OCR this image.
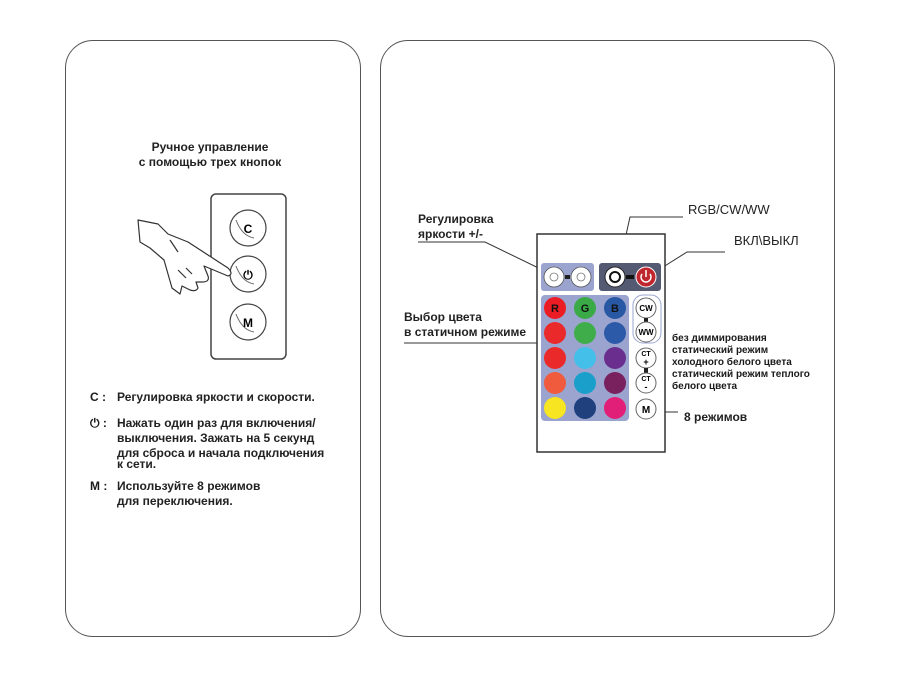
Ручное управление
с помощью трех кнопок
C
⏻
M
C : Регулировка яркости и скорости.
⏻ : Нажать один раз для включения/
выключения. Зажать на 5 секунд
для сброса и начала подключения
к сети.
M : Используйте 8 режимов
для переключения.
R G B	CW
WW
CT
+
CT
-
M
Регулировка
яркости +/-
RGB/CW/WW
ВКЛ\ВЫКЛ
Выбор цвета
в статичном режиме	без диммирования
статический режим
холодного белого цвета
статический режим теплого
белого цвета
8 режимов
